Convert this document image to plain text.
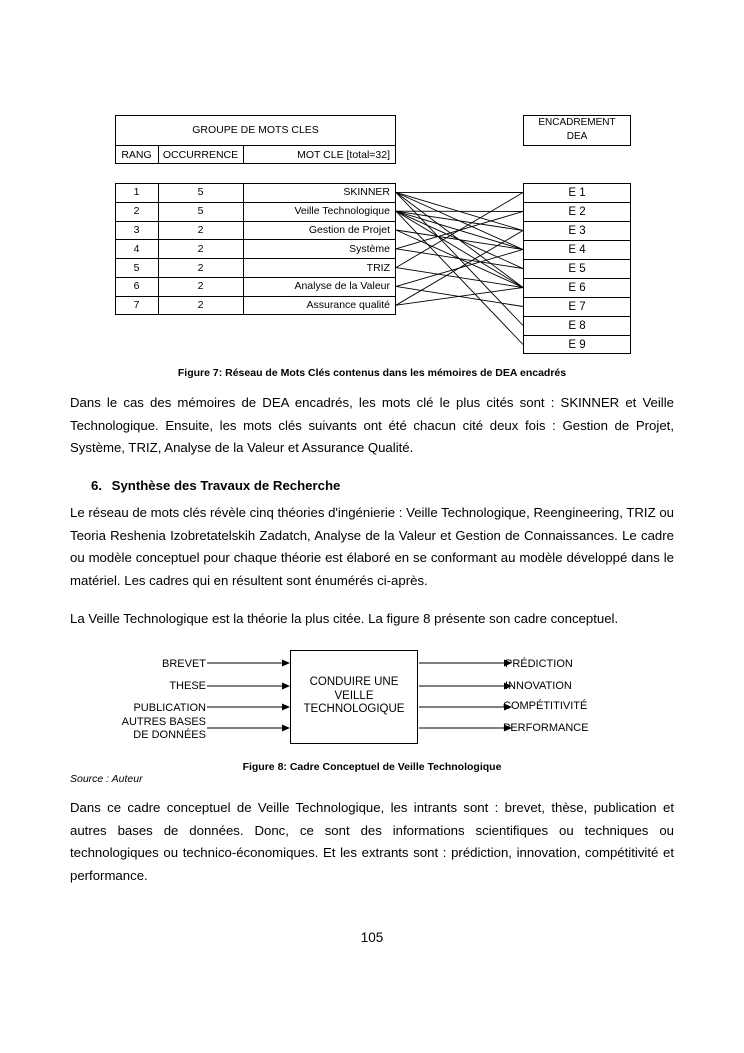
GROUPE DE MOTS CLES
RANG	OCCURRENCE	MOT CLE [total=32]
ENCADREMENT DEA
1	5	SKINNER
2	5	Veille Technologique
3	2	Gestion de Projet
4	2	Système
5	2	TRIZ
6	2	Analyse de la Valeur
7	2	Assurance qualité
E 1
E 2
E 3
E 4
E 5
E 6
E 7
E 8
E 9
Figure 7: Réseau de Mots Clés contenus dans les mémoires de DEA encadrés
Dans le cas des mémoires de DEA encadrés, les mots clé le plus cités sont : SKINNER et Veille Technologique. Ensuite, les mots clés suivants ont été chacun cité deux fois : Gestion de Projet, Système, TRIZ, Analyse de la Valeur et Assurance Qualité.
6. Synthèse des Travaux de Recherche
Le réseau de mots clés révèle cinq théories d'ingénierie : Veille Technologique, Reengineering, TRIZ ou Teoria Reshenia Izobretatelskih Zadatch, Analyse de la Valeur et Gestion de Connaissances. Le cadre ou modèle conceptuel pour chaque théorie est élaboré en se conformant au modèle développé dans le matériel. Les cadres qui en résultent sont énumérés ci-après.
La Veille Technologique est la théorie la plus citée. La figure 8 présente son cadre conceptuel.
CONDUIRE UNE VEILLE TECHNOLOGIQUE
BREVET
THESE
PUBLICATION
AUTRES BASES DE DONNÉES
PRÉDICTION
INNOVATION
COMPÉTITIVITÉ
PERFORMANCE
Figure 8: Cadre Conceptuel de Veille Technologique
Source : Auteur
Dans ce cadre conceptuel de Veille Technologique, les intrants sont : brevet, thèse, publication et autres bases de données. Donc, ce sont des informations scientifiques ou techniques ou technologiques ou technico-économiques. Et les extrants sont : prédiction, innovation, compétitivité et performance.
105
